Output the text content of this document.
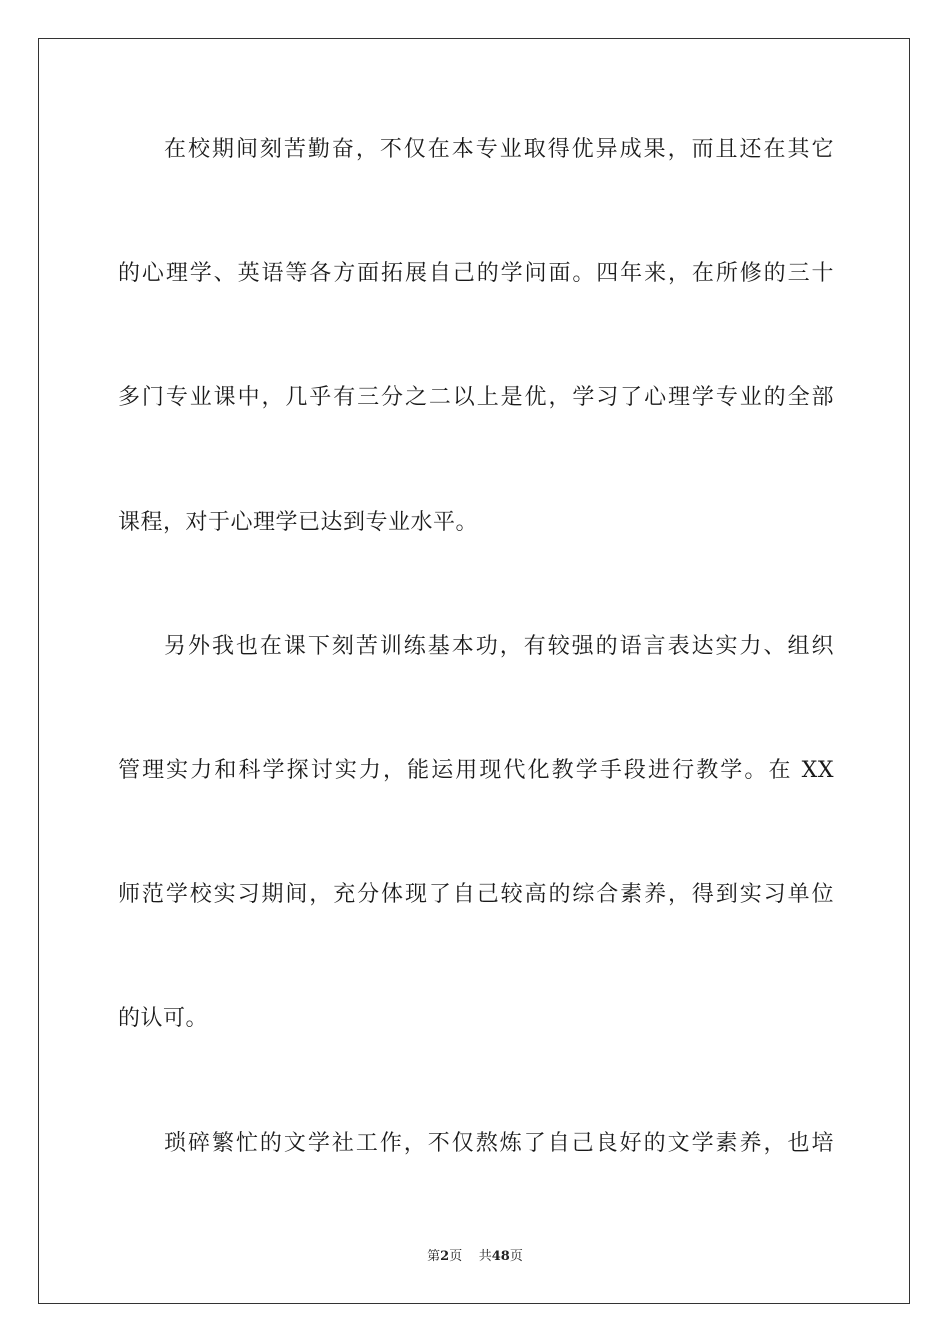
在校期间刻苦勤奋，不仅在本专业取得优异成果，而且还在其它
的心理学、英语等各方面拓展自己的学问面。四年来，在所修的三十
多门专业课中，几乎有三分之二以上是优，学习了心理学专业的全部
课程，对于心理学已达到专业水平。
另外我也在课下刻苦训练基本功，有较强的语言表达实力、组织
管理实力和科学探讨实力，能运用现代化教学手段进行教学。在 XX
师范学校实习期间，充分体现了自己较高的综合素养，得到实习单位
的认可。
琐碎繁忙的文学社工作，不仅熬炼了自己良好的文学素养，也培
第2页 共48页
